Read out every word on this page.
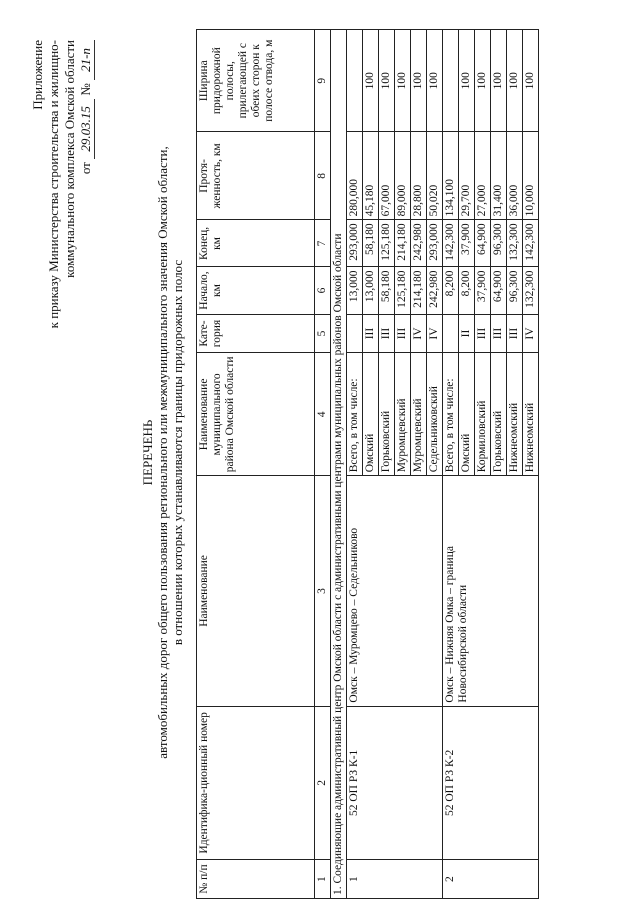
Приложение к приказу Министерства строительства и жилищно- коммунального комплекса Омской области от 29.03.15 № 21-п
ПЕРЕЧЕНЬ автомобильных дорог общего пользования регионального или межмуниципального значения Омской области, в отношении которых устанавливаются границы придорожных полос
№ п/п	Идентифика-ционный номер	Наименование	Наименование муниципального района Омской области	Кате-гория	Начало, км	Конец, км	Протя-женность, км	Ширина придорожной полосы, прилегающей с обеих сторон к полосе отвода, м
1	2	3	4	5	6	7	8	9
1. Соединяющие административный центр Омской области с административными центрами муниципальных районов Омской области								
1	52 ОП РЗ К-1	Омск – Муромцево – Седельниково	Всего, в том числе:		13,000	293,000	280,000	
			Омский	III	13,000	58,180	45,180	100
			Горьковский	III	58,180	125,180	67,000	100
			Муромцевский	III	125,180	214,180	89,000	100
			Муромцевский	IV	214,180	242,980	28,800	100
			Седельниковский	IV	242,980	293,000	50,020	100
2	52 ОП РЗ К-2	Омск – Нижняя Омка – граница Новосибирской области	Всего, в том числе:		8,200	142,300	134,100	
			Омский	II	8,200	37,900	29,700	100
			Кормиловский	III	37,900	64,900	27,000	100
			Горьковский	III	64,900	96,300	31,400	100
			Нижнеомский	III	96,300	132,300	36,000	100
			Нижнеомский	IV	132,300	142,300	10,000	100
